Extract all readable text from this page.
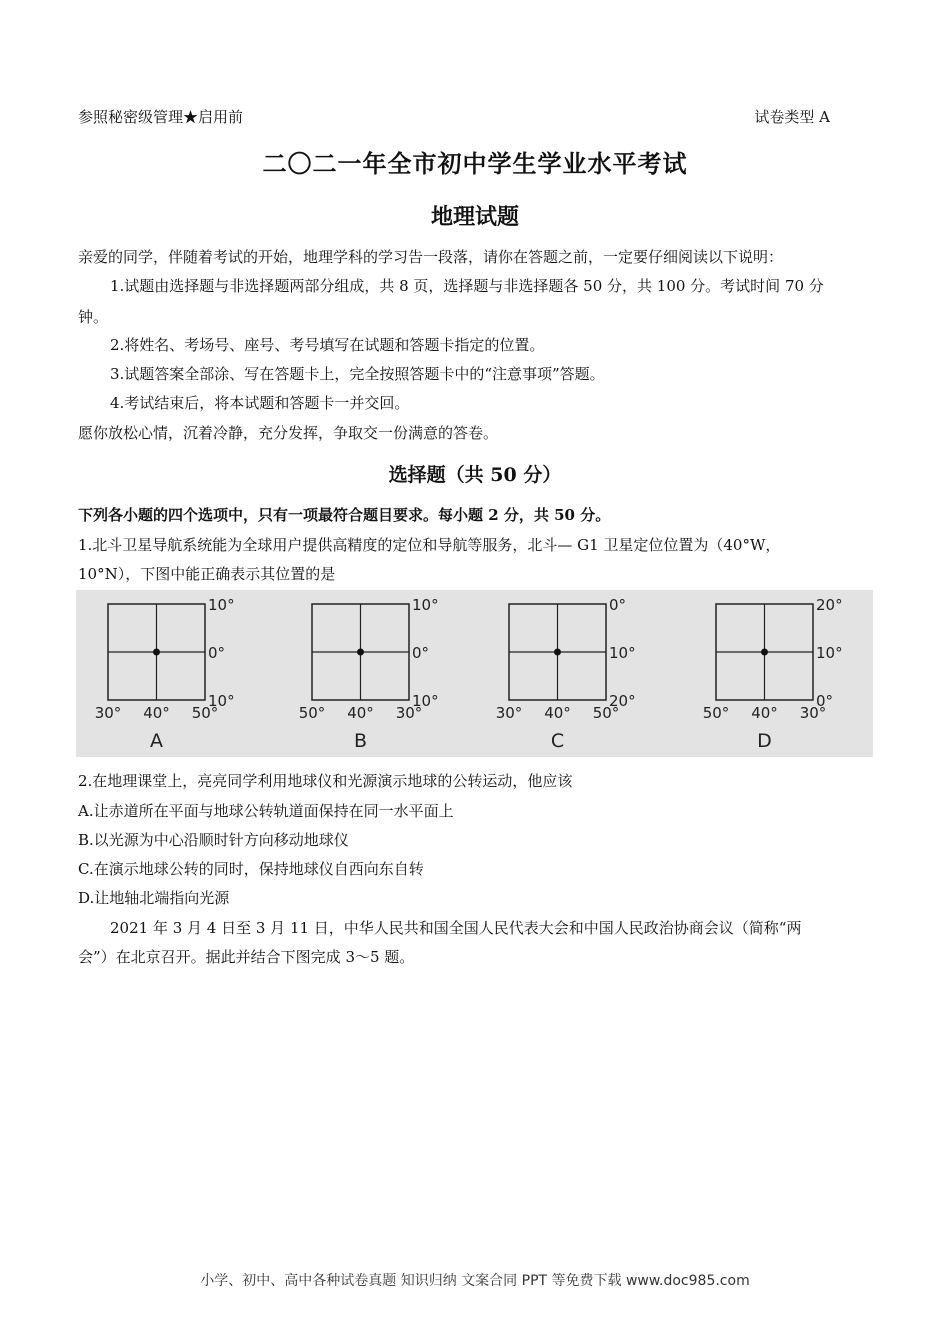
参照秘密级管理★启用前	试卷类型 A
二〇二一年全市初中学生学业水平考试
地理试题
亲爱的同学，伴随着考试的开始，地理学科的学习告一段落，请你在答题之前，一定要仔细阅读以下说明：
1.试题由选择题与非选择题两部分组成，共 8 页，选择题与非选择题各 50 分，共 100 分。考试时间 70 分
钟。
2.将姓名、考场号、座号、考号填写在试题和答题卡指定的位置。
3.试题答案全部涂、写在答题卡上，完全按照答题卡中的“注意事项”答题。
4.考试结束后，将本试题和答题卡一并交回。
愿你放松心情，沉着冷静，充分发挥，争取交一份满意的答卷。
选择题（共 50 分）
下列各小题的四个选项中，只有一项最符合题目要求。每小题 2 分，共 50 分。
1.北斗卫星导航系统能为全球用户提供高精度的定位和导航等服务，北斗— G1 卫星定位位置为（40°W，
10°N），下图中能正确表示其位置的是
10°
0°
10°
30° 40° 50°
A
10°
0°
10°
50° 40° 30°
B
0°
10°
20°
30° 40° 50°
C
20°
10°
0°
50° 40° 30°
D
2.在地理课堂上，亮亮同学利用地球仪和光源演示地球的公转运动，他应该
A.让赤道所在平面与地球公转轨道面保持在同一水平面上
B.以光源为中心沿顺时针方向移动地球仪
C.在演示地球公转的同时，保持地球仪自西向东自转
D.让地轴北端指向光源
2021 年 3 月 4 日至 3 月 11 日，中华人民共和国全国人民代表大会和中国人民政治协商会议（简称“两
会”）在北京召开。据此并结合下图完成 3～5 题。
小学、初中、高中各种试卷真题 知识归纳 文案合同 PPT 等免费下载 www.doc985.com
